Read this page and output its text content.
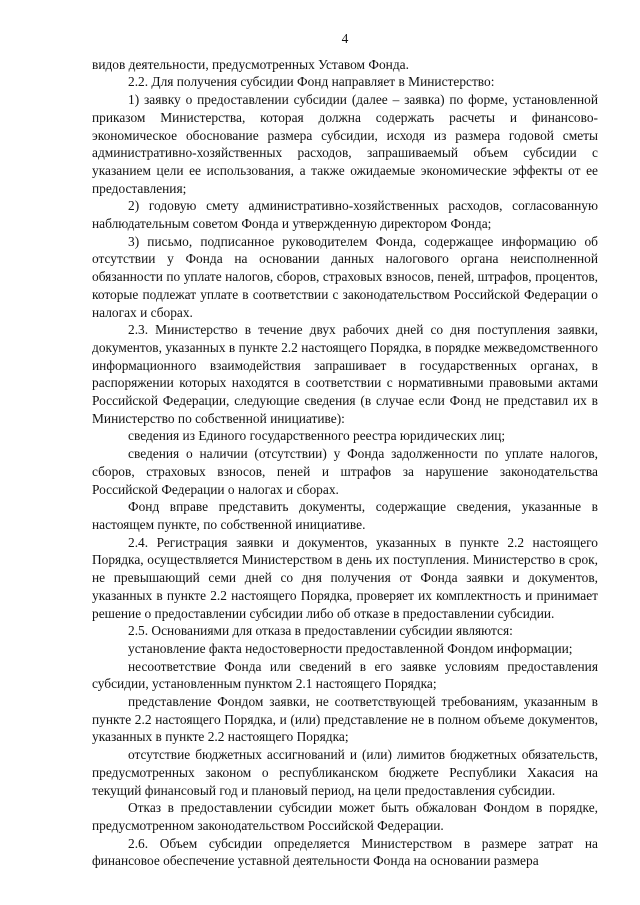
4

видов деятельности, предусмотренных Уставом Фонда.

2.2. Для получения субсидии Фонд направляет в Министерство:

1) заявку о предоставлении субсидии (далее – заявка) по форме, установленной приказом Министерства, которая должна содержать расчеты и финансово-экономическое обоснование размера субсидии, исходя из размера годовой сметы административно-хозяйственных расходов, запрашиваемый объем субсидии с указанием цели ее использования, а также ожидаемые экономические эффекты от ее предоставления;

2) годовую смету административно-хозяйственных расходов, согласованную наблюдательным советом Фонда и утвержденную директором Фонда;

3) письмо, подписанное руководителем Фонда, содержащее информацию об отсутствии у Фонда на основании данных налогового органа неисполненной обязанности по уплате налогов, сборов, страховых взносов, пеней, штрафов, процентов, которые подлежат уплате в соответствии с законодательством Российской Федерации о налогах и сборах.

2.3. Министерство в течение двух рабочих дней со дня поступления заявки, документов, указанных в пункте 2.2 настоящего Порядка, в порядке межведомственного информационного взаимодействия запрашивает в государственных органах, в распоряжении которых находятся в соответствии с нормативными правовыми актами Российской Федерации, следующие сведения (в случае если Фонд не представил их в Министерство по собственной инициативе):

сведения из Единого государственного реестра юридических лиц;

сведения о наличии (отсутствии) у Фонда задолженности по уплате налогов, сборов, страховых взносов, пеней и штрафов за нарушение законодательства Российской Федерации о налогах и сборах.

Фонд вправе представить документы, содержащие сведения, указанные в настоящем пункте, по собственной инициативе.

2.4. Регистрация заявки и документов, указанных в пункте 2.2 настоящего Порядка, осуществляется Министерством в день их поступления. Министерство в срок, не превышающий семи дней со дня получения от Фонда заявки и документов, указанных в пункте 2.2 настоящего Порядка, проверяет их комплектность и принимает решение о предоставлении субсидии либо об отказе в предоставлении субсидии.

2.5. Основаниями для отказа в предоставлении субсидии являются:

установление факта недостоверности предоставленной Фондом информации;

несоответствие Фонда или сведений в его заявке условиям предоставления субсидии, установленным пунктом 2.1 настоящего Порядка;

представление Фондом заявки, не соответствующей требованиям, указанным в пункте 2.2 настоящего Порядка, и (или) представление не в полном объеме документов, указанных в пункте 2.2 настоящего Порядка;

отсутствие бюджетных ассигнований и (или) лимитов бюджетных обязательств, предусмотренных законом о республиканском бюджете Республики Хакасия на текущий финансовый год и плановый период, на цели предоставления субсидии.

Отказ в предоставлении субсидии может быть обжалован Фондом в порядке, предусмотренном законодательством Российской Федерации.

2.6. Объем субсидии определяется Министерством в размере затрат на финансовое обеспечение уставной деятельности Фонда на основании размера
